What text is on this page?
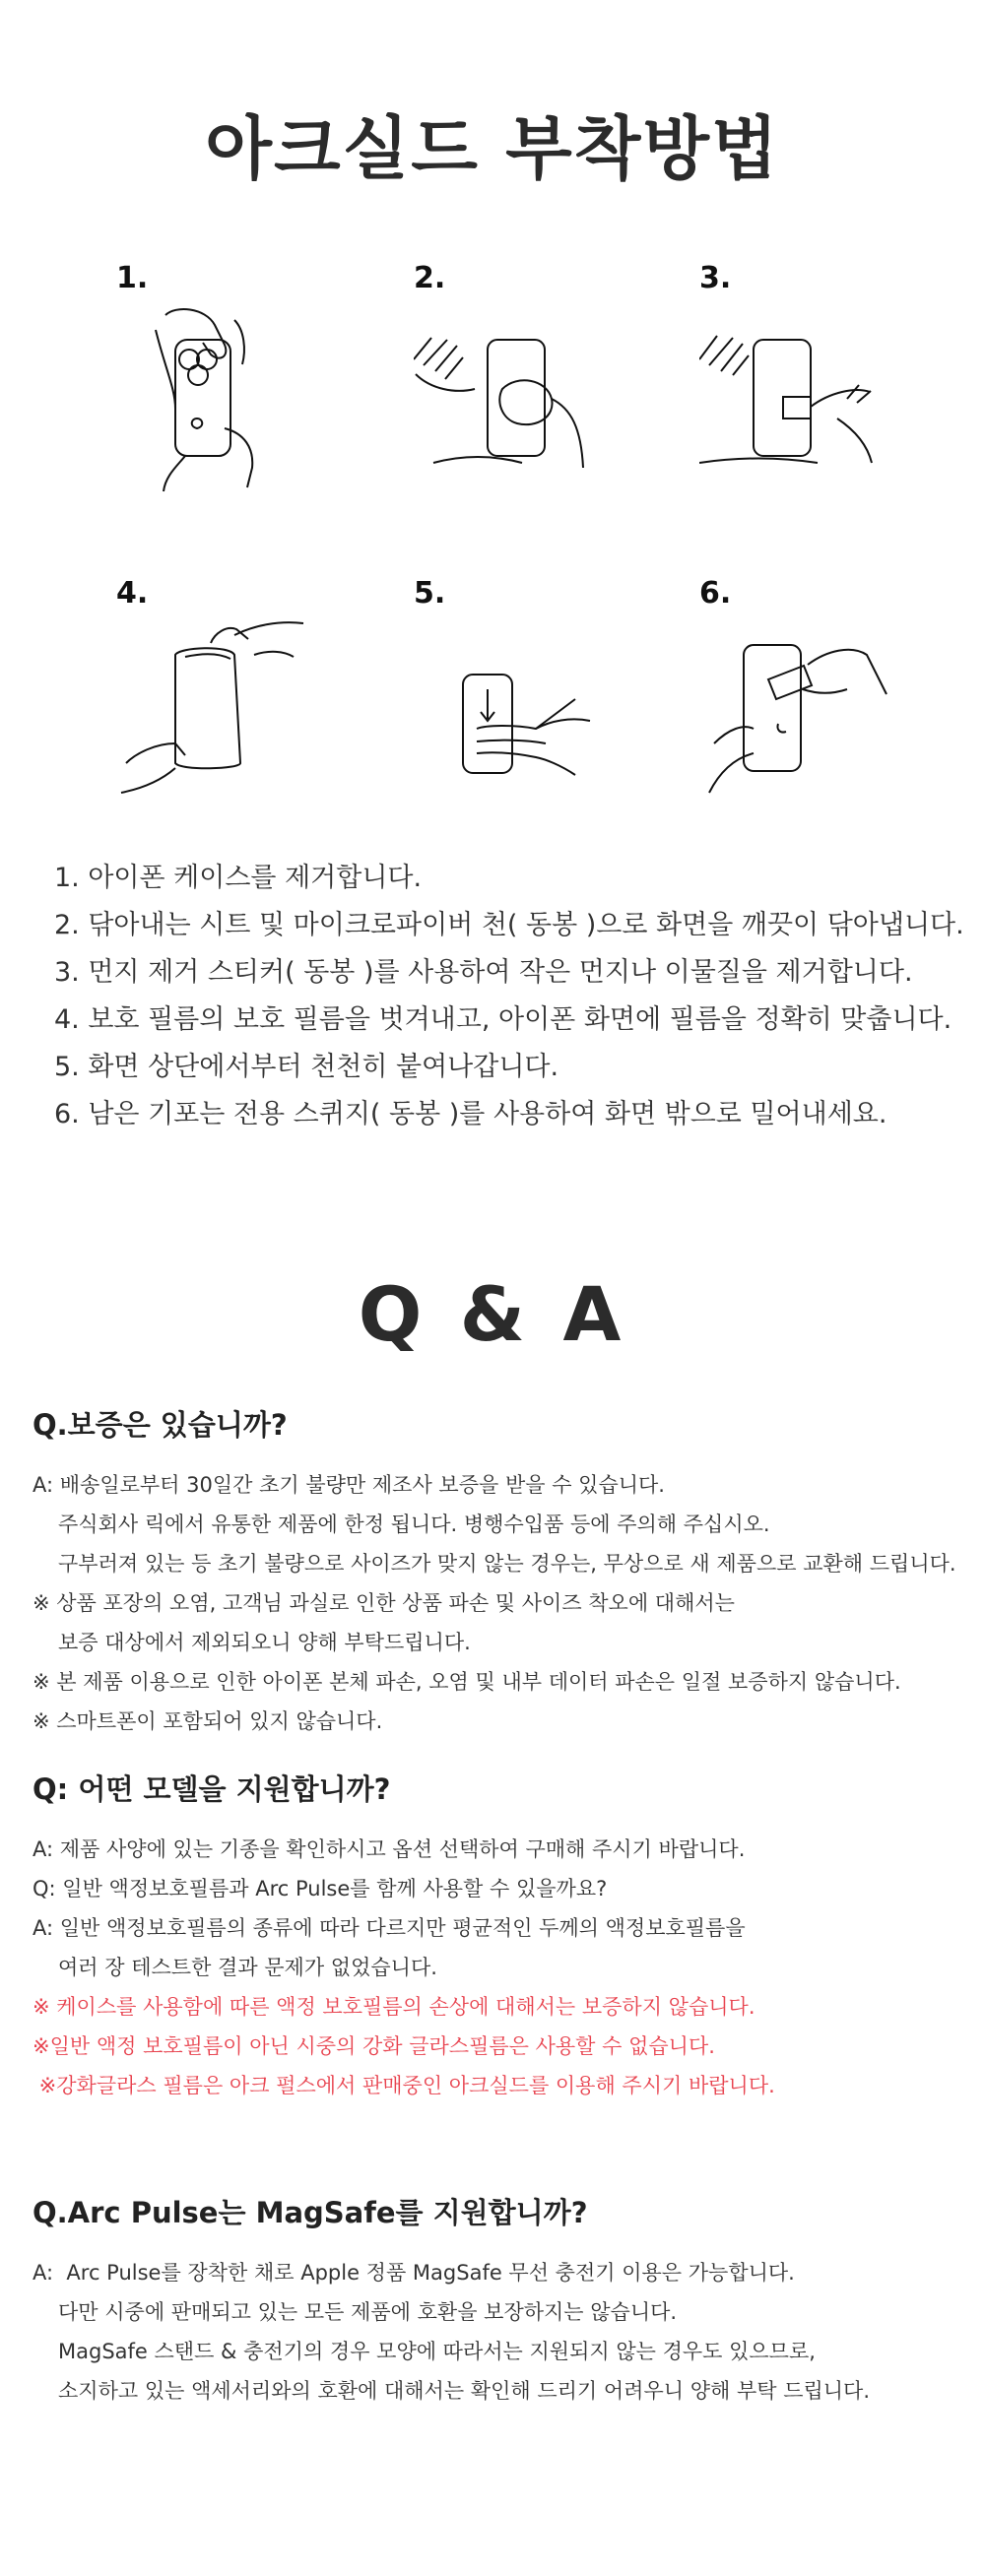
아크실드 부착방법
1.	2.	3.
4.	5.	6.
1. 아이폰 케이스를 제거합니다.
2. 닦아내는 시트 및 마이크로파이버 천( 동봉 )으로 화면을 깨끗이 닦아냅니다.
3. 먼지 제거 스티커( 동봉 )를 사용하여 작은 먼지나 이물질을 제거합니다.
4. 보호 필름의 보호 필름을 벗겨내고, 아이폰 화면에 필름을 정확히 맞춥니다.
5. 화면 상단에서부터 천천히 붙여나갑니다.
6. 남은 기포는 전용 스퀴지( 동봉 )를 사용하여 화면 밖으로 밀어내세요.
Q & A
Q.보증은 있습니까?
A: 배송일로부터 30일간 초기 불량만 제조사 보증을 받을 수 있습니다.
주식회사 릭에서 유통한 제품에 한정 됩니다. 병행수입품 등에 주의해 주십시오.
구부러져 있는 등 초기 불량으로 사이즈가 맞지 않는 경우는, 무상으로 새 제품으로 교환해 드립니다.
※ 상품 포장의 오염, 고객님 과실로 인한 상품 파손 및 사이즈 착오에 대해서는
보증 대상에서 제외되오니 양해 부탁드립니다.
※ 본 제품 이용으로 인한 아이폰 본체 파손, 오염 및 내부 데이터 파손은 일절 보증하지 않습니다.
※ 스마트폰이 포함되어 있지 않습니다.
Q: 어떤 모델을 지원합니까?
A: 제품 사양에 있는 기종을 확인하시고 옵션 선택하여 구매해 주시기 바랍니다.
Q: 일반 액정보호필름과 Arc Pulse를 함께 사용할 수 있을까요?
A: 일반 액정보호필름의 종류에 따라 다르지만 평균적인 두께의 액정보호필름을
여러 장 테스트한 결과 문제가 없었습니다.
※ 케이스를 사용함에 따른 액정 보호필름의 손상에 대해서는 보증하지 않습니다.
※일반 액정 보호필름이 아닌 시중의 강화 글라스필름은 사용할 수 없습니다.
※강화글라스 필름은 아크 펄스에서 판매중인 아크실드를 이용해 주시기 바랍니다.
Q.Arc Pulse는 MagSafe를 지원합니까?
A:  Arc Pulse를 장착한 채로 Apple 정품 MagSafe 무선 충전기 이용은 가능합니다.
다만 시중에 판매되고 있는 모든 제품에 호환을 보장하지는 않습니다.
MagSafe 스탠드 & 충전기의 경우 모양에 따라서는 지원되지 않는 경우도 있으므로,
소지하고 있는 액세서리와의 호환에 대해서는 확인해 드리기 어려우니 양해 부탁 드립니다.
